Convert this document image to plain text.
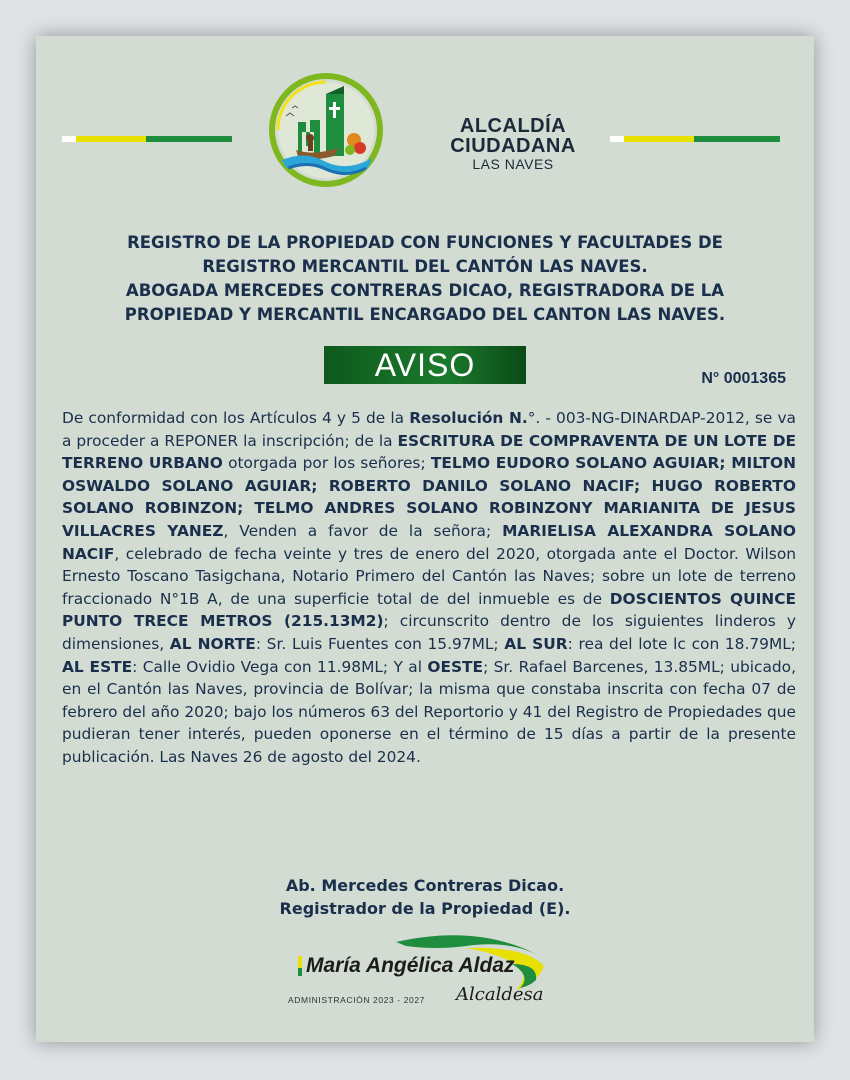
ALCALDÍA
CIUDADANA
LAS NAVES
REGISTRO DE LA PROPIEDAD CON FUNCIONES Y FACULTADES DE
REGISTRO MERCANTIL DEL CANTÓN LAS NAVES.
ABOGADA MERCEDES CONTRERAS DICAO, REGISTRADORA DE LA
PROPIEDAD Y MERCANTIL ENCARGADO DEL CANTON LAS NAVES.
AVISO	N° 0001365
De conformidad con los Artículos 4 y 5 de la Resolución N.°. - 003-NG-DINARDAP-2012, se va a proceder a REPONER la inscripción; de la ESCRITURA DE COMPRAVENTA DE UN LOTE DE TERRENO URBANO otorgada por los señores; TELMO EUDORO SOLANO AGUIAR; MILTON OSWALDO SOLANO AGUIAR; ROBERTO DANILO SOLANO NACIF; HUGO ROBERTO SOLANO ROBINZON; TELMO ANDRES SOLANO ROBINZONY MARIANITA DE JESUS VILLACRES YANEZ, Venden a favor de la señora; MARIELISA ALEXANDRA SOLANO NACIF, celebrado de fecha veinte y tres de enero del 2020, otorgada ante el Doctor. Wilson Ernesto Toscano Tasigchana, Notario Primero del Cantón las Naves; sobre un lote de terreno fraccionado N°1B A, de una superficie total de del inmueble es de DOSCIENTOS QUINCE PUNTO TRECE METROS (215.13M2); circunscrito dentro de los siguientes linderos y dimensiones, AL NORTE: Sr. Luis Fuentes con 15.97ML; AL SUR: rea del lote lc con 18.79ML; AL ESTE: Calle Ovidio Vega con 11.98ML; Y al OESTE; Sr. Rafael Barcenes, 13.85ML; ubicado, en el Cantón las Naves, provincia de Bolívar; la misma que constaba inscrita con fecha 07 de febrero del año 2020; bajo los números 63 del Reportorio y 41 del Registro de Propiedades que pudieran tener interés, pueden oponerse en el término de 15 días a partir de la presente publicación. Las Naves 26 de agosto del 2024.
Ab. Mercedes Contreras Dicao.
Registrador de la Propiedad (E).
María Angélica Aldaz
ADMINISTRACIÓN 2023 - 2027	Alcaldesa
